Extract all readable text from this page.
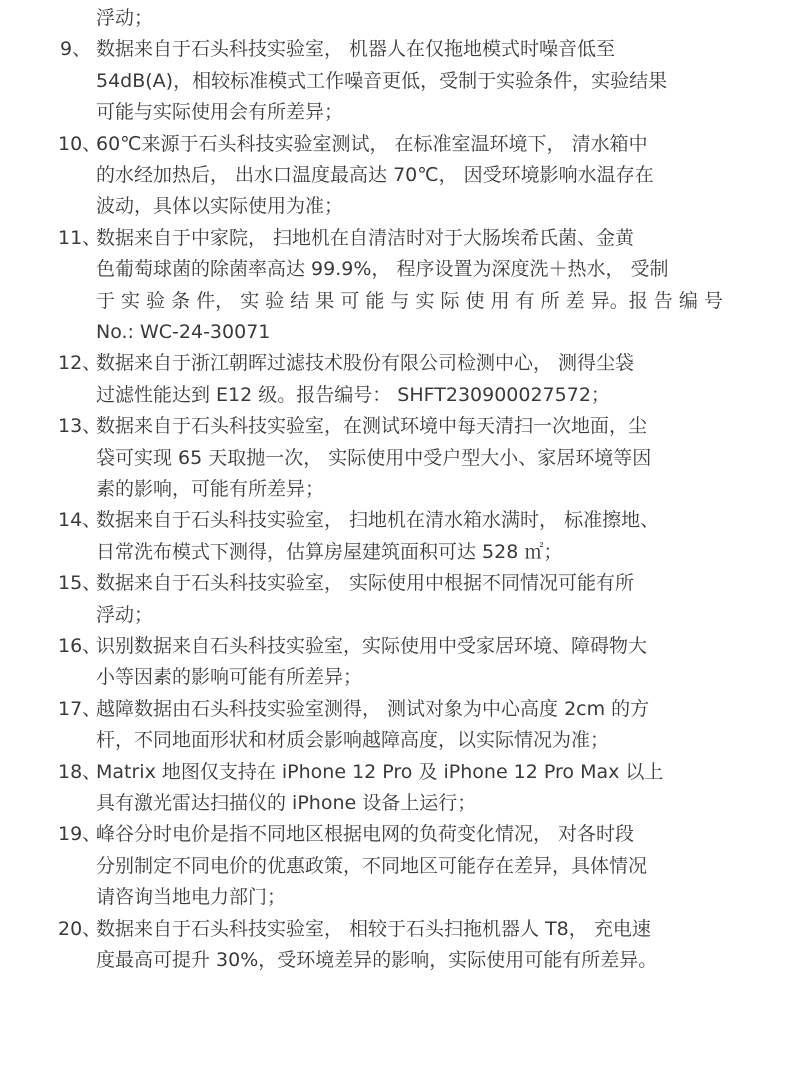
浮动；
9、 数据来自于石头科技实验室， 机器人在仅拖地模式时噪音低至
54dB(A)，相较标准模式工作噪音更低，受制于实验条件，实验结果
可能与实际使用会有所差异；
10、
60℃来源于石头科技实验室测试， 在标准室温环境下， 清水箱中
的水经加热后， 出水口温度最高达 70℃， 因受环境影响水温存在
波动，具体以实际使用为准；
11、
数据来自于中家院， 扫地机在自清洁时对于大肠埃希氏菌、金黄
色葡萄球菌的除菌率高达 99.9%， 程序设置为深度洗＋热水， 受制
于 实 验 条 件， 实 验 结 果 可 能 与 实 际 使 用 有 所 差 异。报 告 编 号
No.: WC-24-30071
12、
数据来自于浙江朝晖过滤技术股份有限公司检测中心， 测得尘袋
过滤性能达到 E12 级。报告编号： SHFT230900027572；
13、
数据来自于石头科技实验室，在测试环境中每天清扫一次地面，尘
袋可实现 65 天取抛一次， 实际使用中受户型大小、家居环境等因
素的影响，可能有所差异；
14、
数据来自于石头科技实验室， 扫地机在清水箱水满时， 标准擦地、
日常洗布模式下测得，估算房屋建筑面积可达 528 ㎡；
15、
数据来自于石头科技实验室， 实际使用中根据不同情况可能有所
浮动；
16、
识别数据来自石头科技实验室，实际使用中受家居环境、障碍物大
小等因素的影响可能有所差异；
17、
越障数据由石头科技实验室测得， 测试对象为中心高度 2cm 的方
杆，不同地面形状和材质会影响越障高度，以实际情况为准；
18、
Matrix 地图仅支持在 iPhone 12 Pro 及 iPhone 12 Pro Max 以上
具有激光雷达扫描仪的 iPhone 设备上运行；
19、
峰谷分时电价是指不同地区根据电网的负荷变化情况， 对各时段
分别制定不同电价的优惠政策，不同地区可能存在差异，具体情况
请咨询当地电力部门；
20、
数据来自于石头科技实验室， 相较于石头扫拖机器人 T8， 充电速
度最高可提升 30%，受环境差异的影响，实际使用可能有所差异。
